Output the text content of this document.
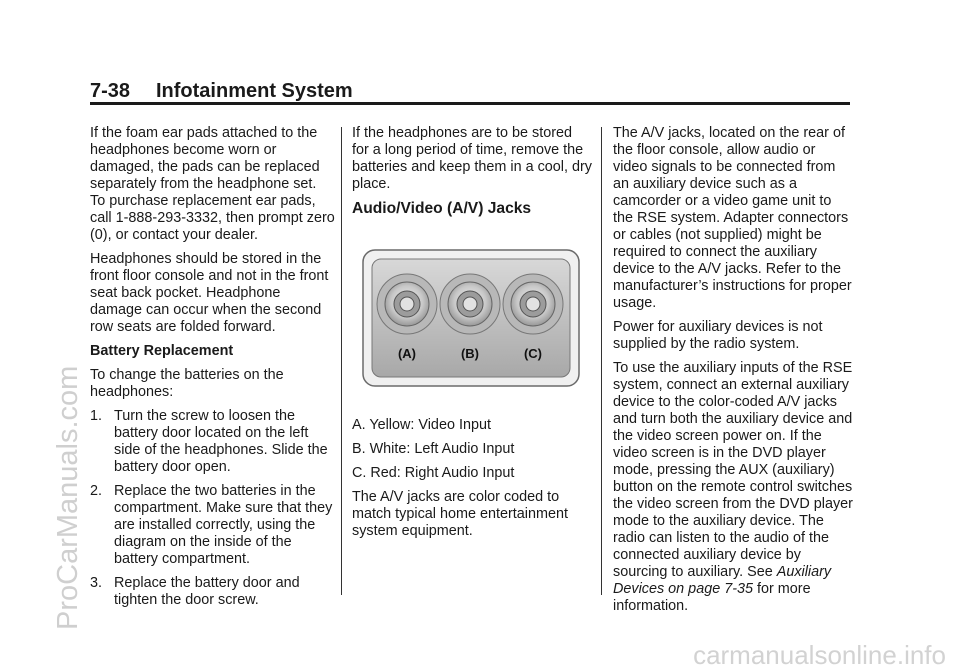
7-38 Infotainment System

If the foam ear pads attached to the headphones become worn or damaged, the pads can be replaced separately from the headphone set. To purchase replacement ear pads, call 1-888-293-3332, then prompt zero (0), or contact your dealer.

Headphones should be stored in the front floor console and not in the front seat back pocket. Headphone damage can occur when the second row seats are folded forward.

Battery Replacement

To change the batteries on the headphones:

1. Turn the screw to loosen the battery door located on the left side of the headphones. Slide the battery door open.
2. Replace the two batteries in the compartment. Make sure that they are installed correctly, using the diagram on the inside of the battery compartment.
3. Replace the battery door and tighten the door screw.

If the headphones are to be stored for a long period of time, remove the batteries and keep them in a cool, dry place.

Audio/Video (A/V) Jacks
(A)	(B)	(C)

A. Yellow: Video Input

B. White: Left Audio Input

C. Red: Right Audio Input

The A/V jacks are color coded to match typical home entertainment system equipment.

The A/V jacks, located on the rear of the floor console, allow audio or video signals to be connected from an auxiliary device such as a camcorder or a video game unit to the RSE system. Adapter connectors or cables (not supplied) might be required to connect the auxiliary device to the A/V jacks. Refer to the manufacturer’s instructions for proper usage.

Power for auxiliary devices is not supplied by the radio system.

To use the auxiliary inputs of the RSE system, connect an external auxiliary device to the color-coded A/V jacks and turn both the auxiliary device and the video screen power on. If the video screen is in the DVD player mode, pressing the AUX (auxiliary) button on the remote control switches the video screen from the DVD player mode to the auxiliary device. The radio can listen to the audio of the connected auxiliary device by sourcing to auxiliary. See Auxiliary Devices on page 7-35 for more information.

ProCarManuals.com
carmanualsonline.info
